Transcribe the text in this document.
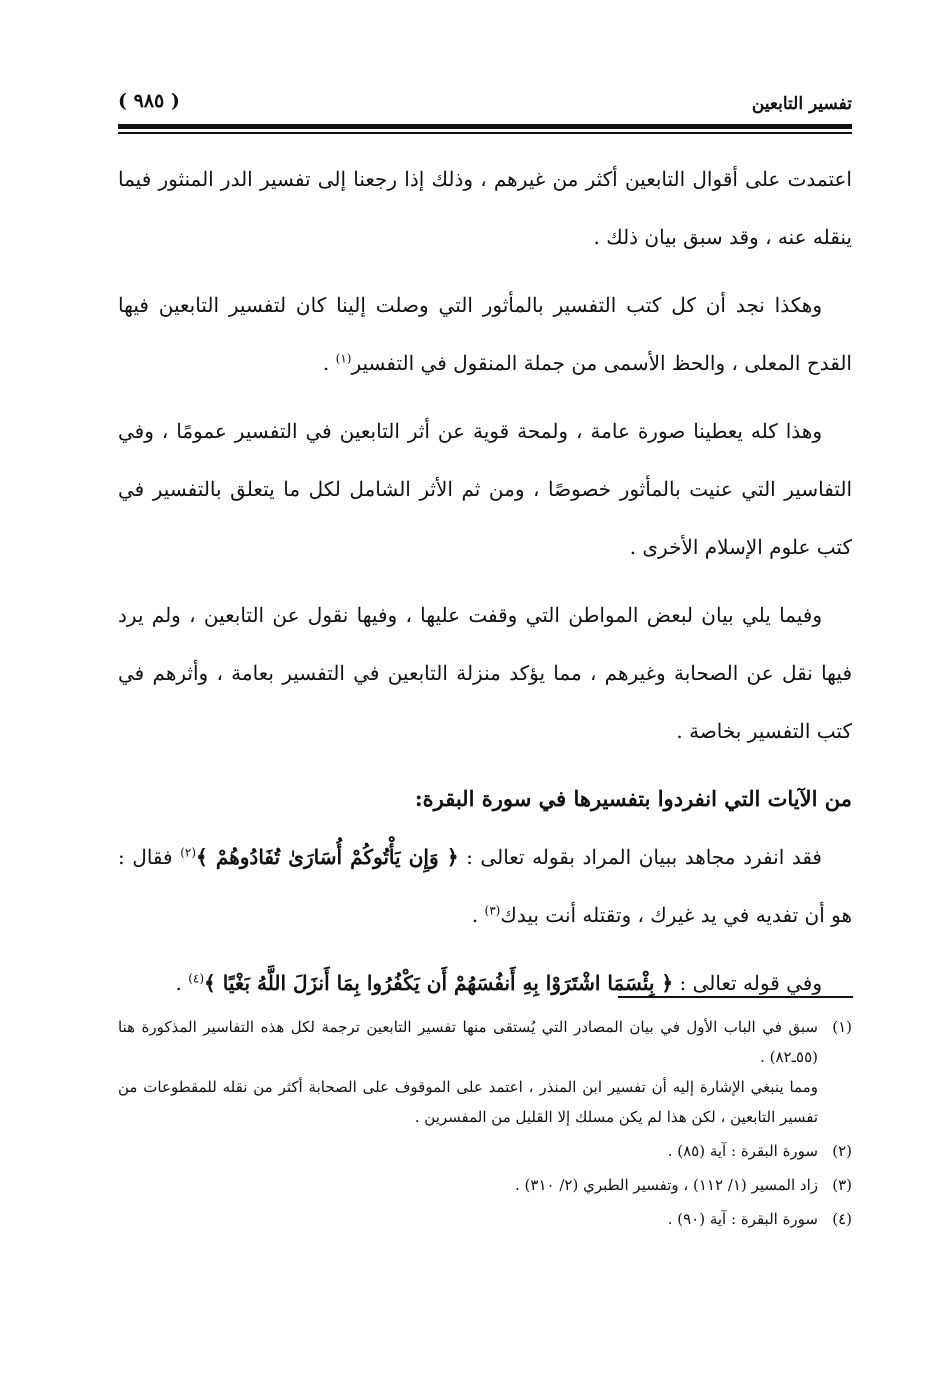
تفسير التابعين
( ٩٨٥ )

اعتمدت على أقوال التابعين أكثر من غيرهم ، وذلك إذا رجعنا إلى تفسير الدر المنثور فيما ينقله عنه ، وقد سبق بيان ذلك .

وهكذا نجد أن كل كتب التفسير بالمأثور التي وصلت إلينا كان لتفسير التابعين فيها القدح المعلى ، والحظ الأسمى من جملة المنقول في التفسير$^{(١)}$ .

وهذا كله يعطينا صورة عامة ، ولمحة قوية عن أثر التابعين في التفسير عمومًا ، وفي التفاسير التي عنيت بالمأثور خصوصًا ، ومن ثم الأثر الشامل لكل ما يتعلق بالتفسير في كتب علوم الإسلام الأخرى .

وفيما يلي بيان لبعض المواطن التي وقفت عليها ، وفيها نقول عن التابعين ، ولم يرد فيها نقل عن الصحابة وغيرهم ، مما يؤكد منزلة التابعين في التفسير بعامة ، وأثرهم في كتب التفسير بخاصة .

من الآيات التي انفردوا بتفسيرها في سورة البقرة:

فقد انفرد مجاهد ببيان المراد بقوله تعالى : ﴿ وَإِن يَأْتُوكُمْ أُسَارَىٰ تُفَادُوهُمْ ﴾$^{(٢)}$ فقال : هو أن تفديه في يد غيرك ، وتقتله أنت بيدك$^{(٣)}$ .

وفي قوله تعالى : ﴿ بِئْسَمَا اشْتَرَوْا بِهِ أَنفُسَهُمْ أَن يَكْفُرُوا بِمَا أَنزَلَ اللَّهُ بَغْيًا ﴾$^{(٤)}$ .

(١)
سبق في الباب الأول في بيان المصادر التي يُستقى منها تفسير التابعين ترجمة لكل هذه التفاسير المذكورة هنا (٥٥ـ٨٢) .

ومما ينبغي الإشارة إليه أن تفسير ابن المنذر ، اعتمد على الموقوف على الصحابة أكثر من نقله للمقطوعات من تفسير التابعين ، لكن هذا لم يكن مسلك إلا القليل من المفسرين .

(٢)
سورة البقرة : آية (٨٥) .

(٣)
زاد المسير (١/ ١١٢) ، وتفسير الطبري (٢/ ٣١٠) .

(٤)
سورة البقرة : آية (٩٠) .
